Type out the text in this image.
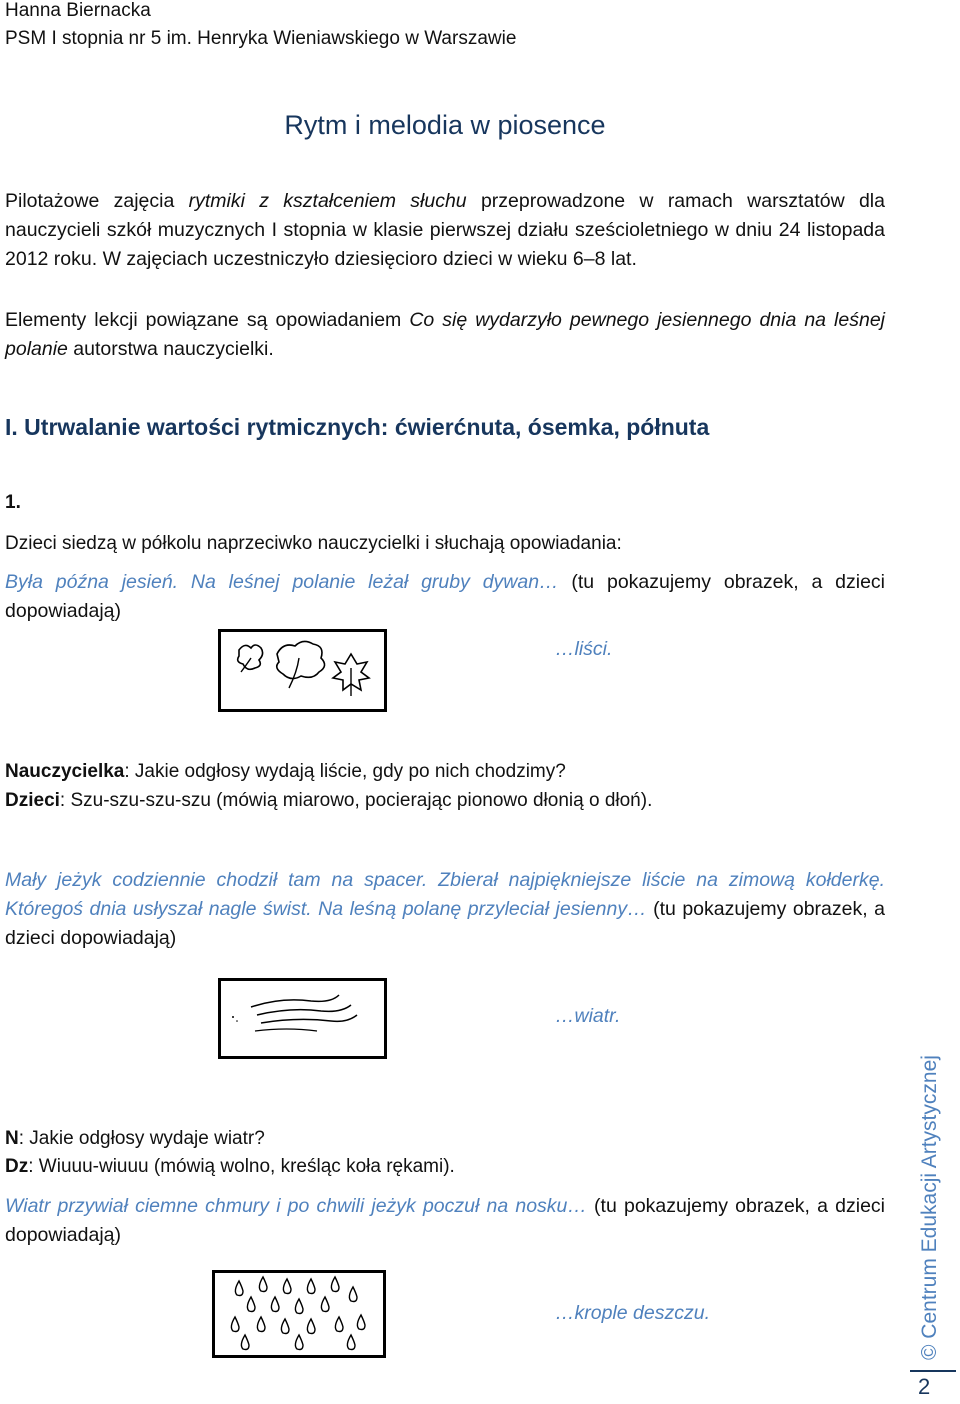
Hanna Biernacka
PSM I stopnia nr 5 im. Henryka Wieniawskiego w Warszawie
Rytm i melodia w piosence
Pilotażowe zajęcia rytmiki z kształceniem słuchu przeprowadzone w ramach warsztatów dla nauczycieli szkół muzycznych I stopnia w klasie pierwszej działu sześcioletniego w dniu 24 listopada 2012 roku. W zajęciach uczestniczyło dziesięcioro dzieci w wieku 6–8 lat.
Elementy lekcji powiązane są opowiadaniem Co się wydarzyło pewnego jesiennego dnia na leśnej polanie autorstwa nauczycielki.
I. Utrwalanie wartości rytmicznych: ćwierćnuta, ósemka, półnuta
1.
Dzieci siedzą w półkolu naprzeciwko nauczycielki i słuchają opowiadania:
Była późna jesień. Na leśnej polanie leżał gruby dywan… (tu pokazujemy obrazek, a dzieci dopowiadają)
…liści.
Nauczycielka: Jakie odgłosy wydają liście, gdy po nich chodzimy?
Dzieci: Szu-szu-szu-szu (mówią miarowo, pocierając pionowo dłonią o dłoń).
Mały jeżyk codziennie chodził tam na spacer. Zbierał najpiękniejsze liście na zimową kołderkę. Któregoś dnia usłyszał nagle świst. Na leśną polanę przyleciał jesienny… (tu pokazujemy obrazek, a dzieci dopowiadają)
…wiatr.
N: Jakie odgłosy wydaje wiatr?
Dz: Wiuuu-wiuuu (mówią wolno, kreśląc koła rękami).
Wiatr przywiał ciemne chmury i po chwili jeżyk poczuł na nosku… (tu pokazujemy obrazek, a dzieci dopowiadają)
…krople deszczu.	© Centrum Edukacji Artystycznej
2
